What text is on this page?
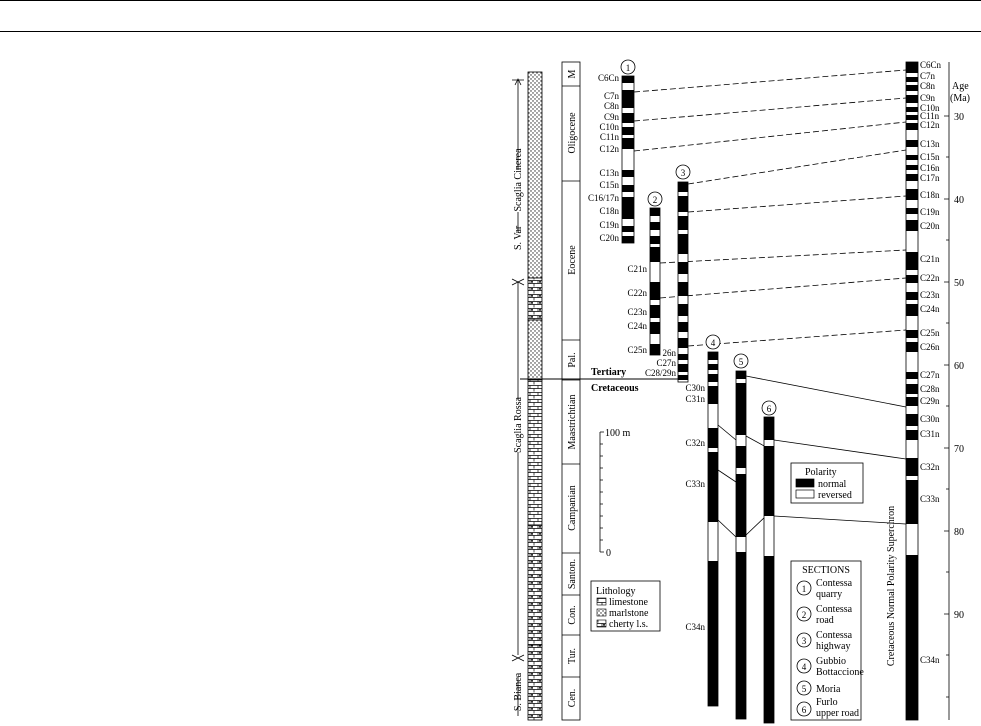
S. Var
Scaglia Cinerea
Scaglia Rossa
S. Bianca
M
Oligocene
Eocene
Pal.
Maastrichtian
Campanian
Santon.
Con.
Tur.
Cen.
Tertiary
Cretaceous
100 m
0
Lithology
limestone
marlstone
cherty l.s.
Polarity
normal
reversed
SECTIONS
1 Contessa
quarry
2 Contessa
road
3 Contessa
highway
4 Gubbio
Bottaccione
5 Moria
6
Furlo
upper road
1
2
3
4
5
6
C6Cn
C7n
C8n
C9n
C10n
C11n
C12n
C13n
C15n
C16/17n
C18n
C19n
C20n
C21n
C22n
C23n
C24n
C25n 26n
C27n
C28/29n
C30n
C31n
C32n
C33n
C34n
C6Cn
C7n
C8n
C9n
C10n
C11n
C12n
C13n
C15n
C16n
C17n
C18n
C19n
C20n
C21n
C22n
C23n
C24n
C25n
C26n
C27n
C28n
C29n
C30n
C31n
C32n
C33n
C34n
Cretaceous Normal Polarity Superchron
Age
(Ma)
30
40
50
60
70
80
90
